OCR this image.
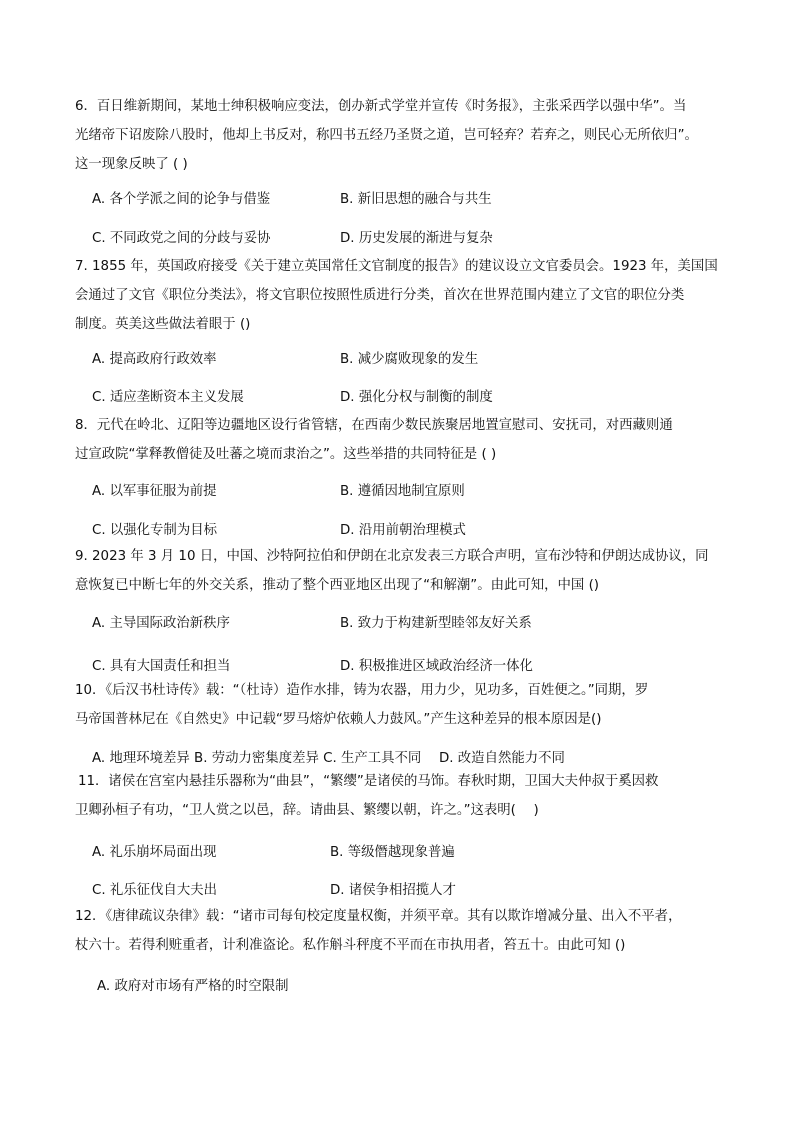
6．百日维新期间，某地士绅积极响应变法，创办新式学堂并宣传《时务报》，主张采西学以强中华”。当
光绪帝下诏废除八股时，他却上书反对，称四书五经乃圣贤之道，岂可轻弃？若弃之，则民心无所依归”。
这一现象反映了 ( )
A. 各个学派之间的论争与借鉴	B. 新旧思想的融合与共生
C. 不同政党之间的分歧与妥协	D. 历史发展的渐进与复杂
7. 1855 年，英国政府接受《关于建立英国常任文官制度的报告》的建议设立文官委员会。1923 年，美国国
会通过了文官《职位分类法》，将文官职位按照性质进行分类，首次在世界范围内建立了文官的职位分类
制度。英美这些做法着眼于 ()
A. 提高政府行政效率	B. 减少腐败现象的发生
C. 适应垄断资本主义发展	D. 强化分权与制衡的制度
8．元代在岭北、辽阳等边疆地区设行省管辖，在西南少数民族聚居地置宣慰司、安抚司，对西藏则通
过宣政院“掌释教僧徒及吐蕃之境而隶治之”。这些举措的共同特征是 ( )
A. 以军事征服为前提	B. 遵循因地制宜原则
C. 以强化专制为目标	D. 沿用前朝治理模式
9. 2023 年 3 月 10 日，中国、沙特阿拉伯和伊朗在北京发表三方联合声明，宣布沙特和伊朗达成协议，同
意恢复已中断七年的外交关系，推动了整个西亚地区出现了“和解潮”。由此可知，中国 ()
A. 主导国际政治新秩序	B. 致力于构建新型睦邻友好关系
C. 具有大国责任和担当	D. 积极推进区域政治经济一体化
10．《后汉书杜诗传》载：“（杜诗）造作水排，铸为农器，用力少，见功多，百姓便之。”同期，罗
马帝国普林尼在《自然史》中记载“罗马熔炉依赖人力鼓风。”产生这种差异的根本原因是()
A. 地理环境差异 B. 劳动力密集度差异 C. 生产工具不同　 D. 改造自然能力不同
11．诸侯在宫室内悬挂乐器称为“曲县”，“繁缨”是诸侯的马饰。春秋时期，卫国大夫仲叔于奚因救
卫卿孙桓子有功，“卫人赏之以邑，辞。请曲县、繁缨以朝，许之。”这表明(　 )
A. 礼乐崩坏局面出现	B. 等级僭越现象普遍
C. 礼乐征伐自大夫出	D. 诸侯争相招揽人才
12．《唐律疏议杂律》载：“诸市司每旬校定度量权衡，并须平章。其有以欺诈增减分量、出入不平者，
杖六十。若得利赃重者，计利准盗论。私作斛斗秤度不平而在市执用者，笞五十。由此可知 ()
A. 政府对市场有严格的时空限制
